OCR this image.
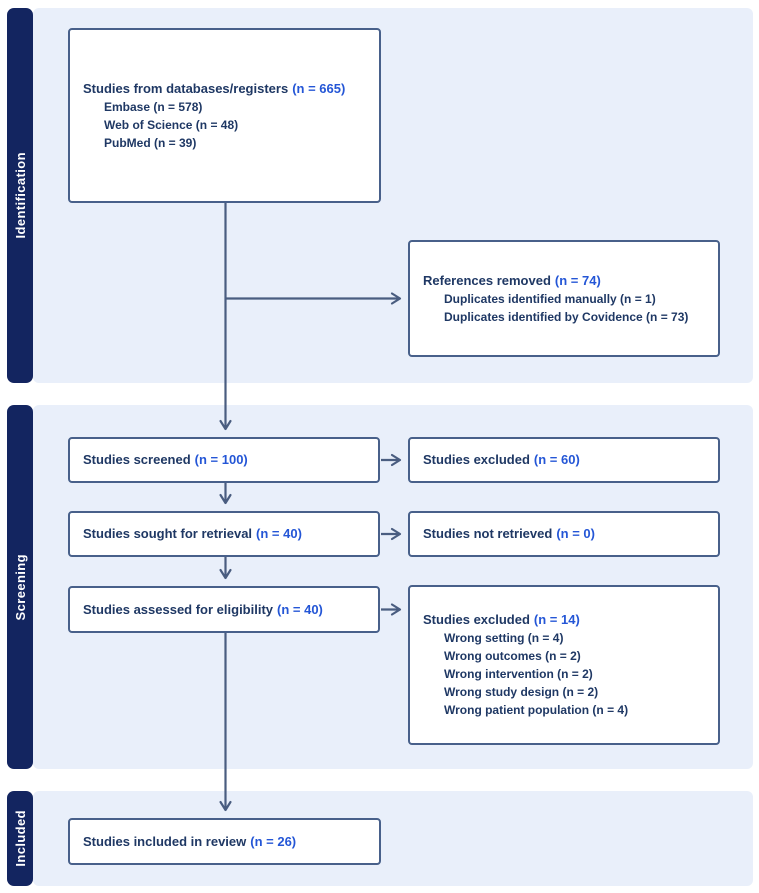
Identification
Screening
Included
Studies from databases/registers (n = 665)
Embase (n = 578)
Web of Science (n = 48)
PubMed (n = 39)
References removed (n = 74)
Duplicates identified manually (n = 1)
Duplicates identified by Covidence (n = 73)
Studies screened (n = 100)	Studies excluded (n = 60)
Studies sought for retrieval (n = 40)	Studies not retrieved (n = 0)
Studies assessed for eligibility (n = 40)
Studies excluded (n = 14)
Wrong setting (n = 4)
Wrong outcomes (n = 2)
Wrong intervention (n = 2)
Wrong study design (n = 2)
Wrong patient population (n = 4)
Studies included in review (n = 26)
